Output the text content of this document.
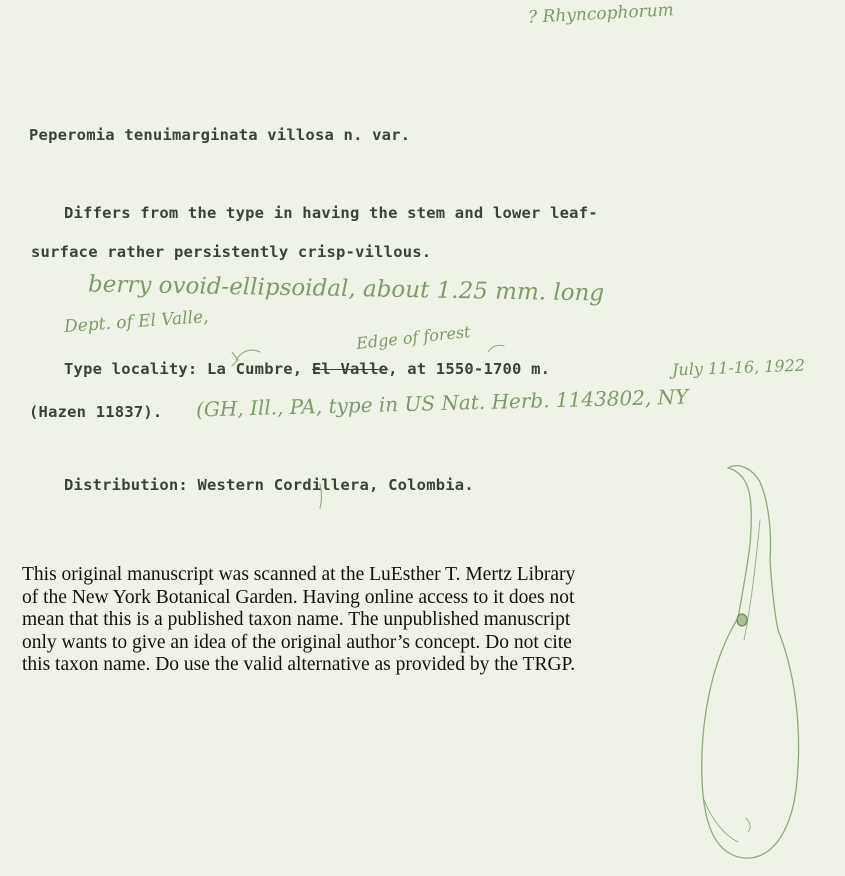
? Rhyncophorum
Peperomia tenuimarginata villosa n. var.
Differs from the type in having the stem and lower leaf-
surface rather persistently crisp-villous.
berry ovoid-ellipsoidal, about 1.25 mm. long
Dept. of El Valle,
Edge of forest
Type locality: La Cumbre, El Valle, at 1550-1700 m.	July 11-16, 1922
(Hazen 11837). (GH, Ill., PA, type in US Nat. Herb. 1143802, NY
Distribution: Western Cordillera, Colombia.
This original manuscript was scanned at the LuEsther T. Mertz Library
of the New York Botanical Garden. Having online access to it does not
mean that this is a published taxon name. The unpublished manuscript
only wants to give an idea of the original author’s concept. Do not cite
this taxon name. Do use the valid alternative as provided by the TRGP.
